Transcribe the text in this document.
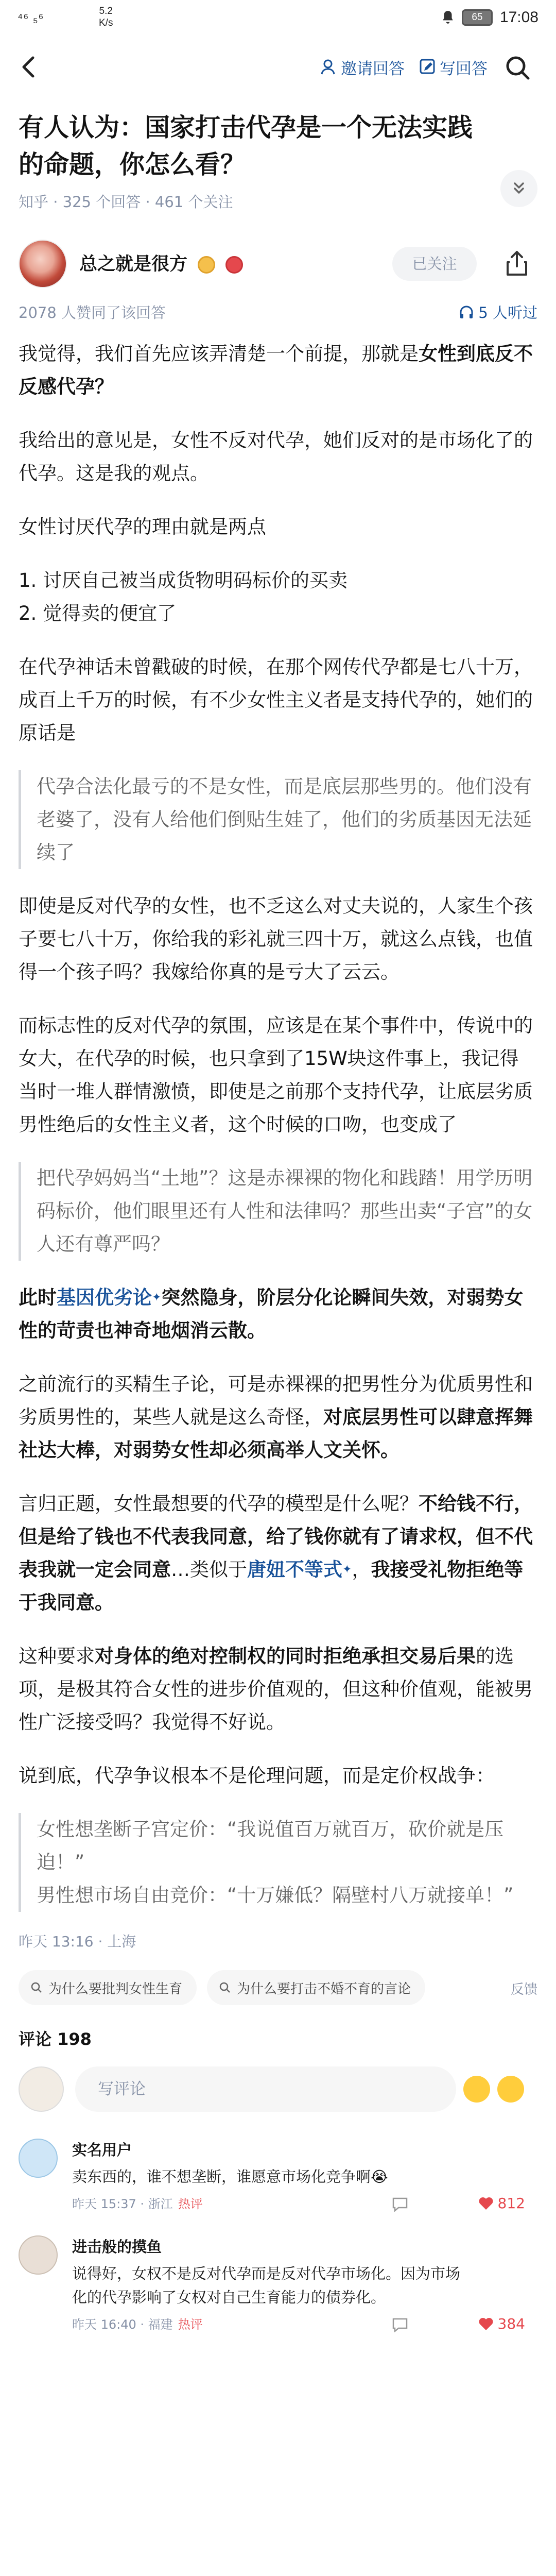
⁴⁶ ₅⁶
5.2
K/s
65	17:08
邀请回答 写回答
有人认为：国家打击代孕是一个无法实践的命题，你怎么看？
知乎 · 325 个回答 · 461 个关注
总之就是很方	已关注
2078 人赞同了该回答	5 人听过

我觉得，我们首先应该弄清楚一个前提，那就是女性到底反不反感代孕？

我给出的意见是，女性不反对代孕，她们反对的是市场化了的代孕。这是我的观点。

女性讨厌代孕的理由就是两点

1. 讨厌自己被当成货物明码标价的买卖
2. 觉得卖的便宜了

在代孕神话未曾戳破的时候，在那个网传代孕都是七八十万，成百上千万的时候，有不少女性主义者是支持代孕的，她们的原话是

代孕合法化最亏的不是女性，而是底层那些男的。他们没有老婆了，没有人给他们倒贴生娃了，他们的劣质基因无法延续了

即使是反对代孕的女性，也不乏这么对丈夫说的，人家生个孩子要七八十万，你给我的彩礼就三四十万，就这么点钱，也值得一个孩子吗？我嫁给你真的是亏大了云云。

而标志性的反对代孕的氛围，应该是在某个事件中，传说中的女大，在代孕的时候，也只拿到了15W块这件事上，我记得当时一堆人群情激愤，即使是之前那个支持代孕，让底层劣质男性绝后的女性主义者，这个时候的口吻，也变成了

把代孕妈妈当“土地”？这是赤裸裸的物化和践踏！用学历明码标价，他们眼里还有人性和法律吗？那些出卖“子宫”的女人还有尊严吗？

此时基因优劣论✦突然隐身，阶层分化论瞬间失效，对弱势女性的苛责也神奇地烟消云散。

之前流行的买精生子论，可是赤裸裸的把男性分为优质男性和劣质男性的，某些人就是这么奇怪，对底层男性可以肆意挥舞社达大棒，对弱势女性却必须高举人文关怀。

言归正题，女性最想要的代孕的模型是什么呢？不给钱不行，但是给了钱也不代表我同意，给了钱你就有了请求权，但不代表我就一定会同意…类似于唐妞不等式✦，我接受礼物拒绝等于我同意。

这种要求对身体的绝对控制权的同时拒绝承担交易后果的选项，是极其符合女性的进步价值观的，但这种价值观，能被男性广泛接受吗？我觉得不好说。

说到底，代孕争议根本不是伦理问题，而是定价权战争：

女性想垄断子宫定价：“我说值百万就百万，砍价就是压迫！”

男性想市场自由竞价：“十万嫌低？隔壁村八万就接单！”

昨天 13:16 · 上海
为什么要批判女性生育	为什么要打击不婚不育的言论	反馈
评论 198
写评论
实名用户
卖东西的，谁不想垄断，谁愿意市场化竞争啊😭
昨天 15:37 · 浙江 热评	812
进击般的摸鱼
说得好，女权不是反对代孕而是反对代孕市场化。因为市场化的代孕影响了女权对自己生育能力的债券化。
昨天 16:40 · 福建 热评	384
